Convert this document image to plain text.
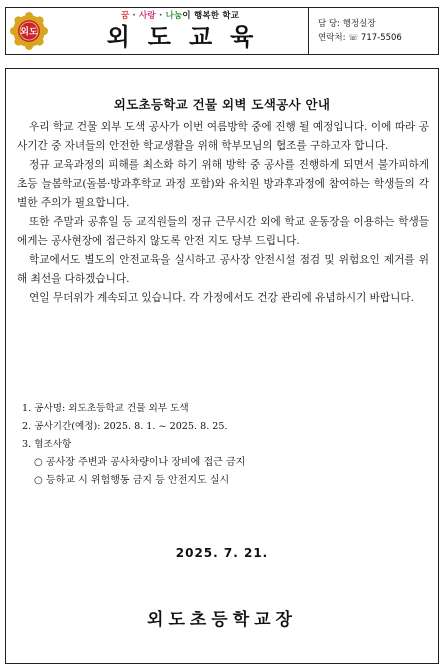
외도
꿈 · 사랑 · 나눔이 행복한 학교
외도교육	담 당: 행정실장
연락처: ☏ 717-5506
외도초등학교 건물 외벽 도색공사 안내

우리 학교 건물 외부 도색 공사가 이번 여름방학 중에 진행 될 예정입니다. 이에 따라 공사기간 중 자녀들의 안전한 학교생활을 위해 학부모님의 협조를 구하고자 합니다.

정규 교육과정의 피해를 최소화 하기 위해 방학 중 공사를 진행하게 되면서 불가피하게 초등 늘봄학교(돌봄·방과후학교 과정 포함)와 유치원 방과후과정에 참여하는 학생들의 각별한 주의가 필요합니다.

또한 주말과 공휴일 등 교직원들의 정규 근무시간 외에 학교 운동장을 이용하는 학생들에게는 공사현장에 접근하지 않도록 안전 지도 당부 드립니다.

학교에서도 별도의 안전교육을 실시하고 공사장 안전시설 점검 및 위험요인 제거를 위해 최선을 다하겠습니다.

연일 무더위가 계속되고 있습니다. 각 가정에서도 건강 관리에 유념하시기 바랍니다.

1. 공사명: 외도초등학교 건물 외부 도색
2. 공사기간(예정): 2025. 8. 1. ~ 2025. 8. 25.
3. 협조사항
○ 공사장 주변과 공사차량이나 장비에 접근 금지
○ 등하교 시 위험행동 금지 등 안전지도 실시
2025. 7. 21.
외도초등학교장
